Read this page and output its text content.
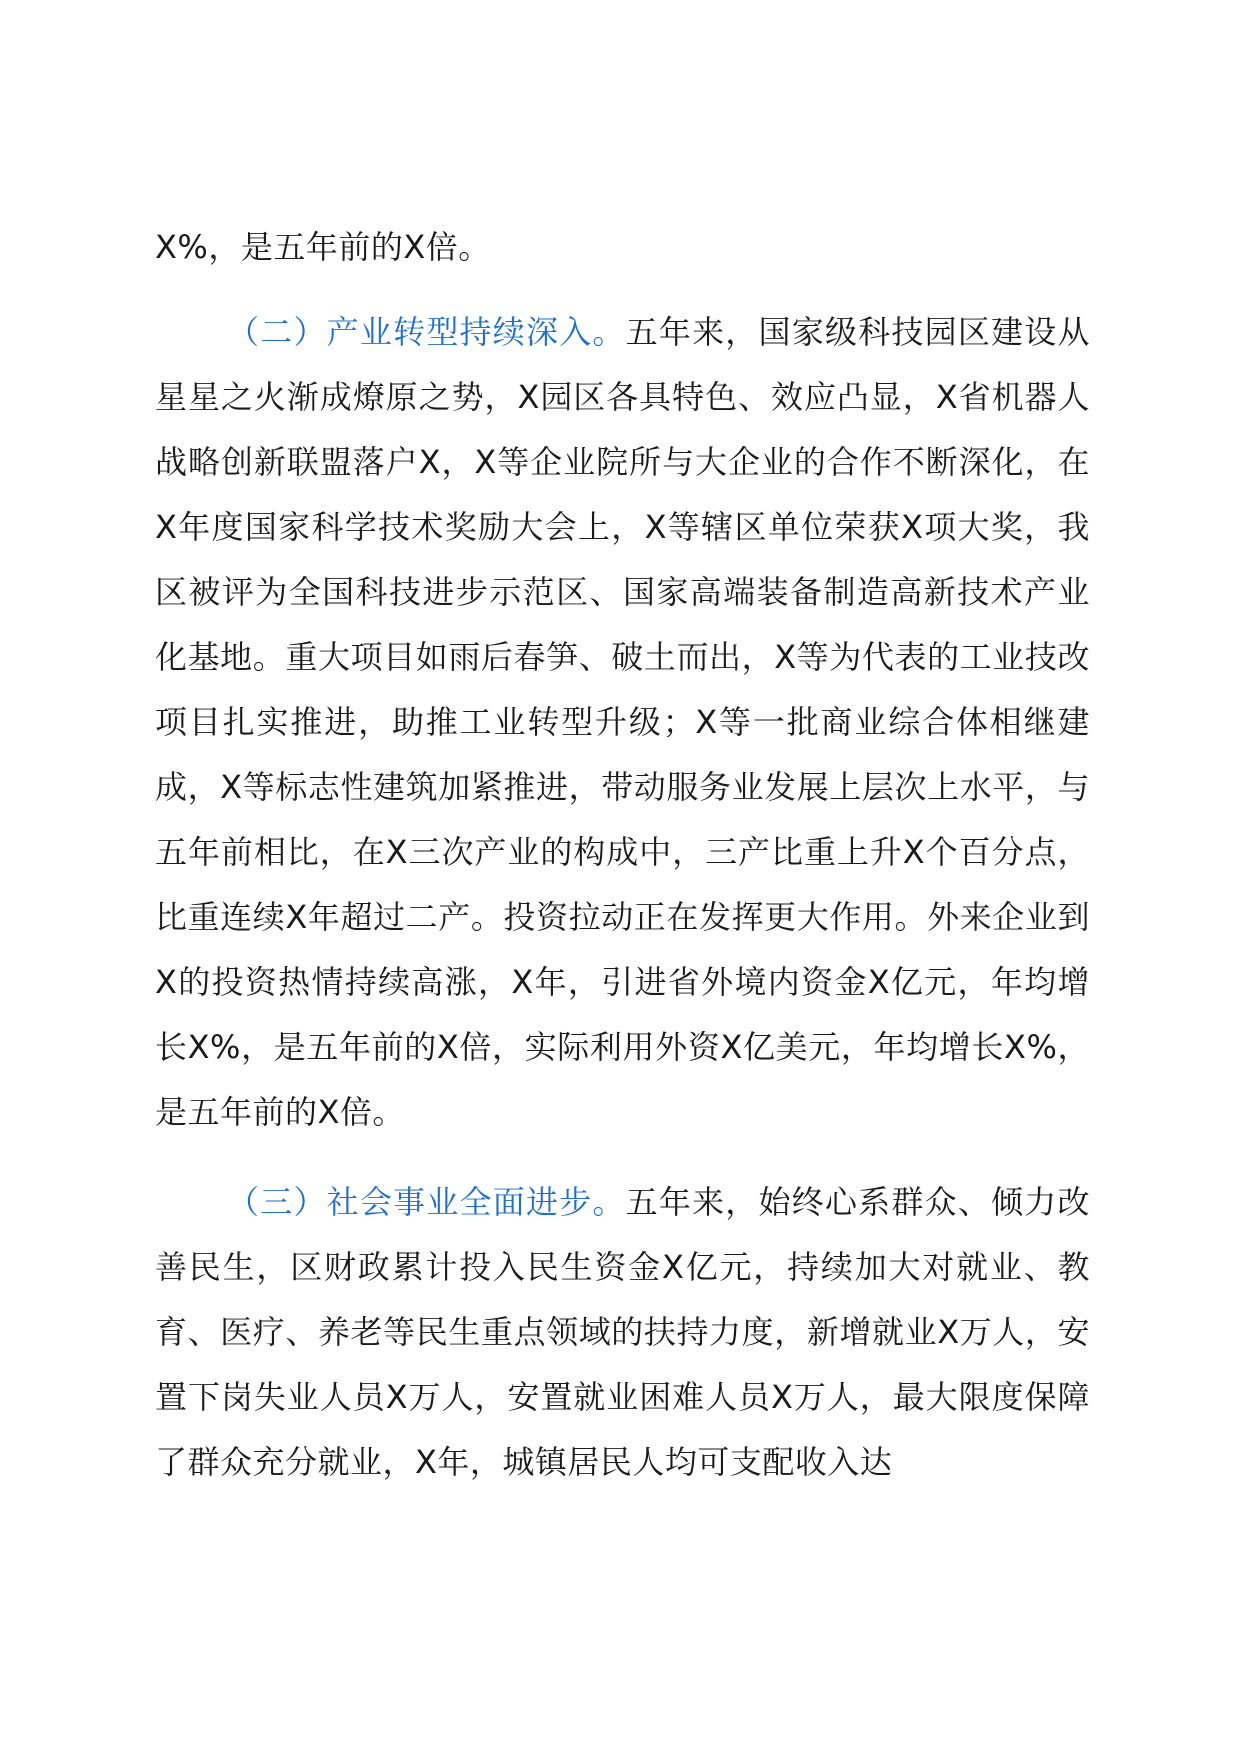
X%，是五年前的X倍。

（二）产业转型持续深入。五年来，国家级科技园区建设从星星之火渐成燎原之势，X园区各具特色、效应凸显，X省机器人战略创新联盟落户X，X等企业院所与大企业的合作不断深化，在X年度国家科学技术奖励大会上，X等辖区单位荣获X项大奖，我区被评为全国科技进步示范区、国家高端装备制造高新技术产业化基地。重大项目如雨后春笋、破土而出，X等为代表的工业技改项目扎实推进，助推工业转型升级；X等一批商业综合体相继建成，X等标志性建筑加紧推进，带动服务业发展上层次上水平，与五年前相比，在X三次产业的构成中，三产比重上升X个百分点，比重连续X年超过二产。投资拉动正在发挥更大作用。外来企业到X的投资热情持续高涨，X年，引进省外境内资金X亿元，年均增长X%，是五年前的X倍，实际利用外资X亿美元，年均增长X%，是五年前的X倍。

（三）社会事业全面进步。五年来，始终心系群众、倾力改善民生，区财政累计投入民生资金X亿元，持续加大对就业、教育、医疗、养老等民生重点领域的扶持力度，新增就业X万人，安置下岗失业人员X万人，安置就业困难人员X万人，最大限度保障了群众充分就业，X年，城镇居民人均可支配收入达
